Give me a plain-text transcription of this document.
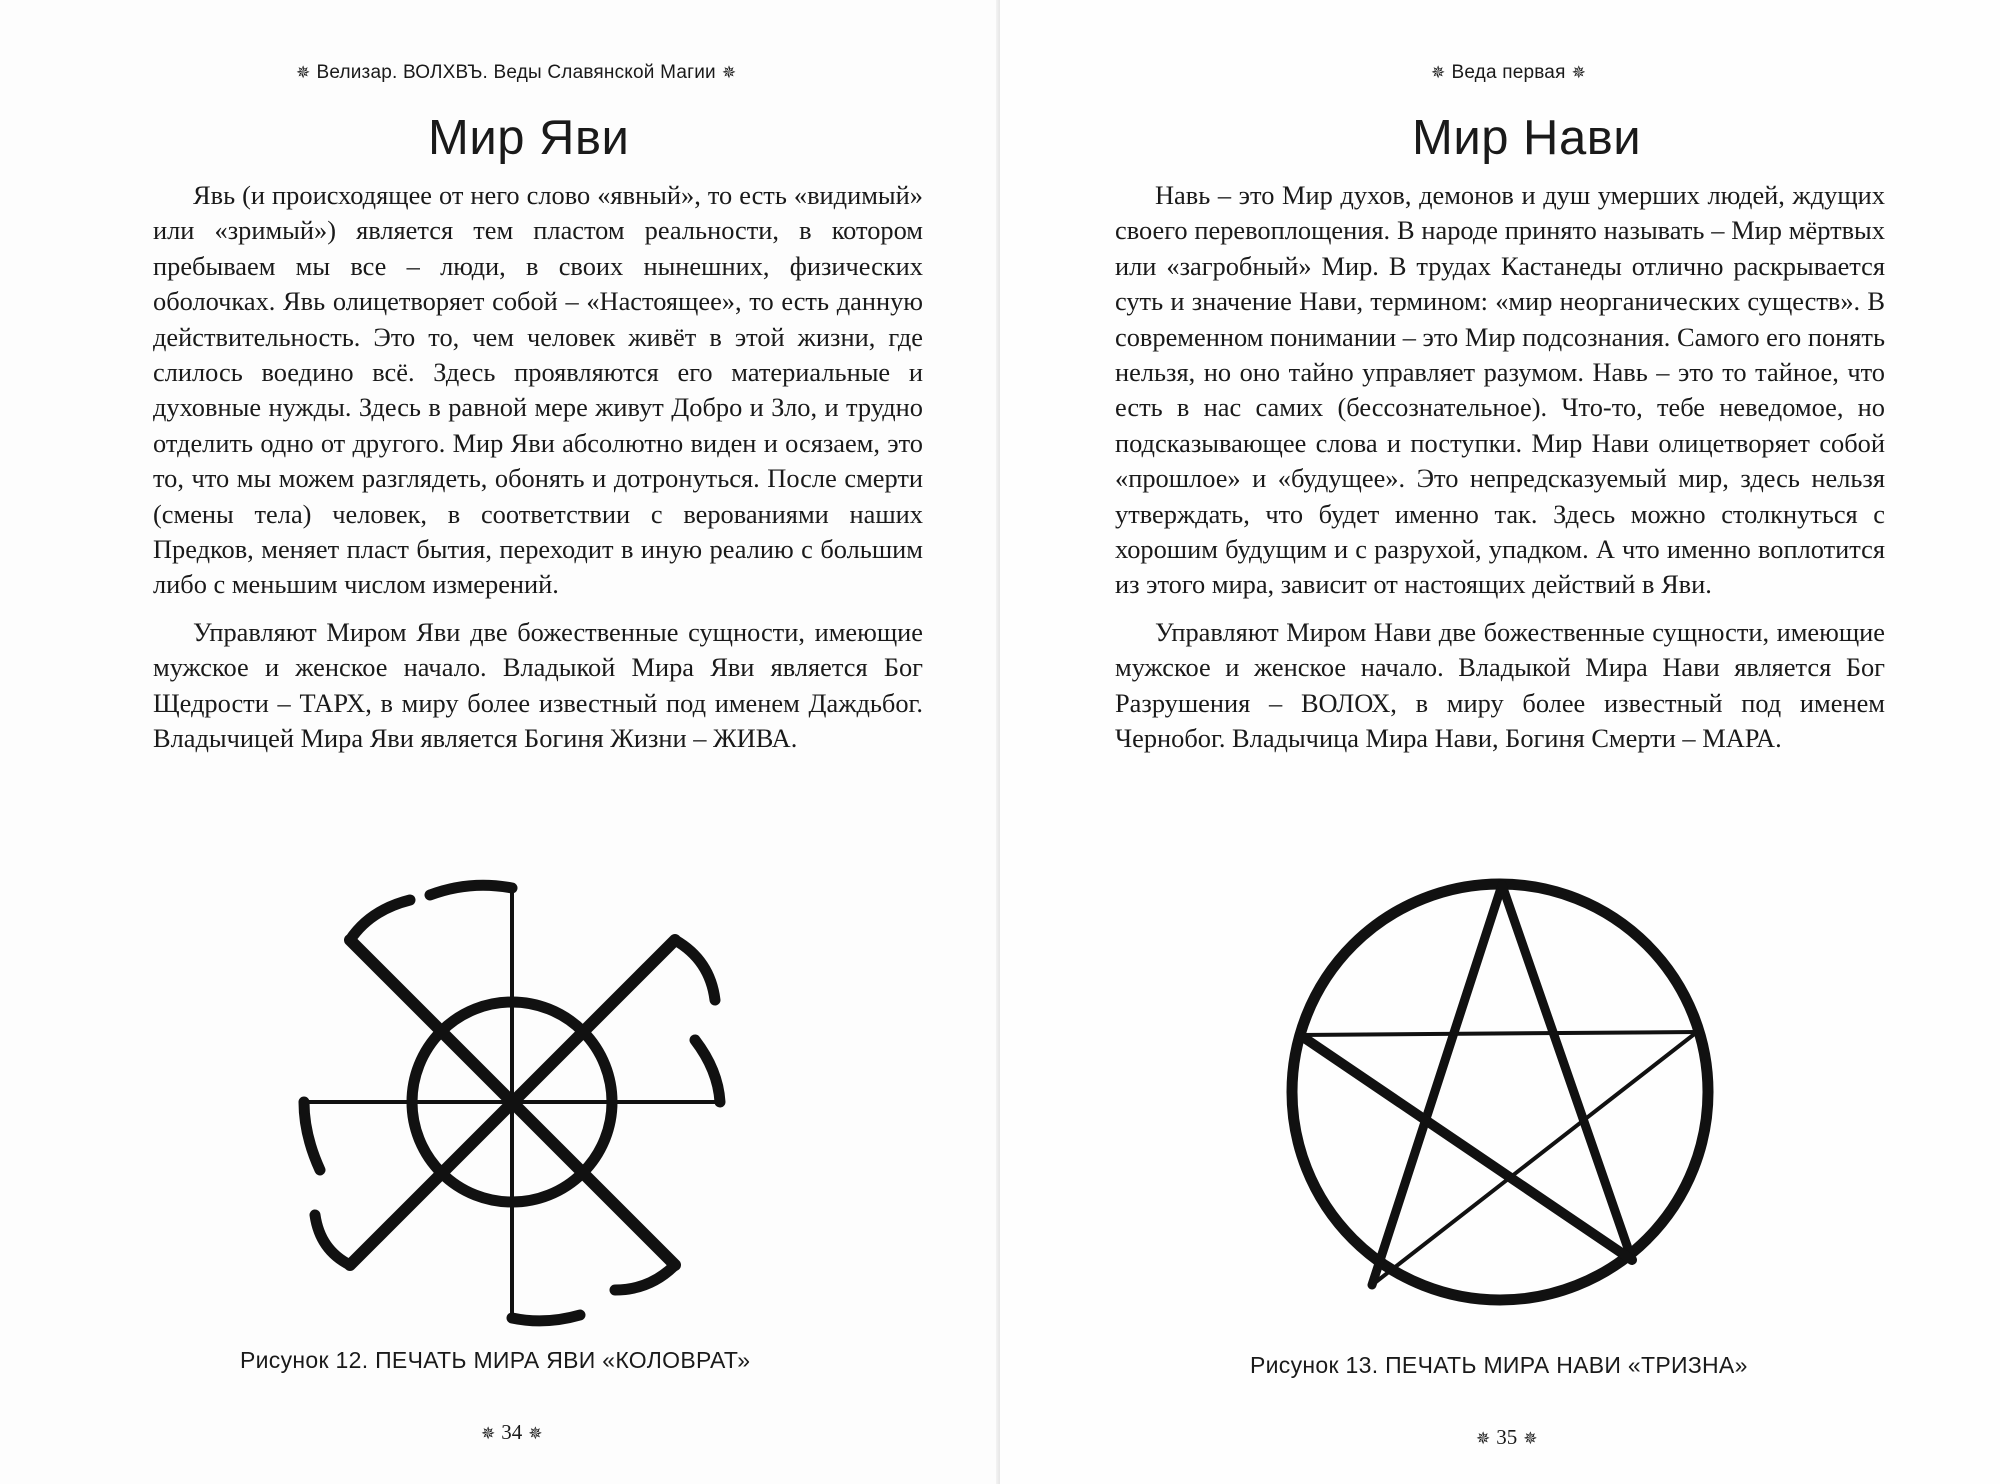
✵ Велизар. ВОЛХВЪ. Веды Славянской Магии ✵
Мир Яви

Явь (и происходящее от него слово «явный», то есть «видимый» или «зримый») является тем пластом реальности, в котором пребываем мы все – люди, в своих нынешних, физических оболочках. Явь олицетворяет собой – «Настоящее», то есть данную действительность. Это то, чем человек живёт в этой жизни, где слилось воедино всё. Здесь проявляются его материальные и духовные нужды. Здесь в равной мере живут Добро и Зло, и трудно отделить одно от другого. Мир Яви абсолютно виден и осязаем, это то, что мы можем разглядеть, обонять и дотронуться. После смерти (смены тела) человек, в соответствии с верованиями наших Предков, меняет пласт бытия, переходит в иную реалию с большим либо с меньшим числом измерений.

Управляют Миром Яви две божественные сущности, имеющие мужское и женское начало. Владыкой Мира Яви является Бог Щедрости – ТАРХ, в миру более известный под именем Даждьбог. Владычицей Мира Яви является Богиня Жизни – ЖИВА.

Рисунок 12. ПЕЧАТЬ МИРА ЯВИ «КОЛОВРАТ»
✵ 34 ✵
✵ Веда первая ✵
Мир Нави

Навь – это Мир духов, демонов и душ умерших людей, ждущих своего перевоплощения. В народе принято называть – Мир мёртвых или «загробный» Мир. В трудах Кастанеды отлично раскрывается суть и значение Нави, термином: «мир неорганических существ». В современном понимании – это Мир подсознания. Самого его понять нельзя, но оно тайно управляет разумом. Навь – это то тайное, что есть в нас самих (бессознательное). Что-то, тебе неведомое, но подсказывающее слова и поступки. Мир Нави олицетворяет собой «прошлое» и «будущее». Это непредсказуемый мир, здесь нельзя утверждать, что будет именно так. Здесь можно столкнуться с хорошим будущим и с разрухой, упадком. А что именно воплотится из этого мира, зависит от настоящих действий в Яви.

Управляют Миром Нави две божественные сущности, имеющие мужское и женское начало. Владыкой Мира Нави является Бог Разрушения – ВОЛОХ, в миру более известный под именем Чернобог. Владычица Мира Нави, Богиня Смерти – МАРА.

Рисунок 13. ПЕЧАТЬ МИРА НАВИ «ТРИЗНА»
✵ 35 ✵
